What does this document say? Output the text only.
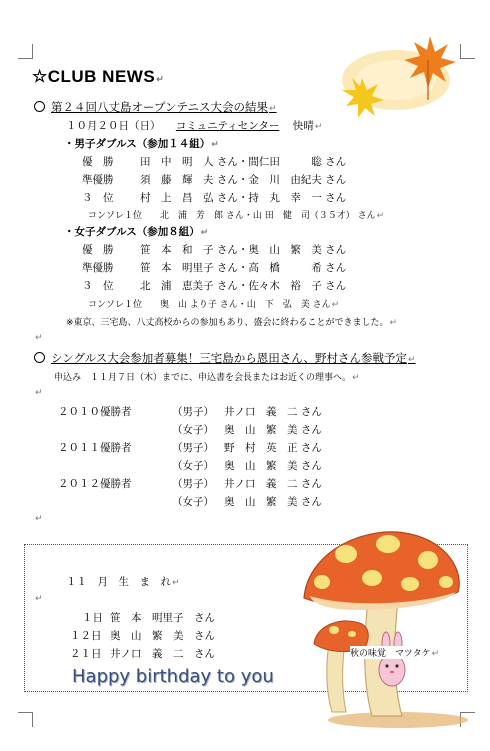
☆CLUB NEWS↵
第２４回八丈島オープンテニス大会の結果↵
１０月２０日（日） コミュニティセンター 快晴↵
・男子ダブルス（参加１４組）↵
優　勝	田　中　明　人 さん・間仁田　　　聡 さん
準優勝	須　藤　輝　夫 さん・金　川　由紀夫 さん
３　位	村　上　昌　弘 さん・持　丸　幸　一 さん
コンソレ１位　　北　浦　芳　郎 さん・山 田　健　司（３５才） さん↵
・女子ダブルス（参加８組）↵
優　勝	笹　本　和　子 さん・奥　山　繁　美 さん
準優勝	笹　本　明里子 さん・高　橋　　　希 さん
３　位	北　浦　恵美子 さん・佐々木　裕　子 さん
コンソレ１位　　奥　山 より子 さん・山　下　弘　美 さん↵
※東京、三宅島、八丈高校からの参加もあり、盛会に終わることができました。↵
↵
シングルス大会参加者募集！三宅島から恩田さん、野村さん参戦予定↵
申込み　１１月７日（木）までに、申込書を会長またはお近くの理事へ。↵
↵
２０１０優勝者	（男子） 井ノ口　義　二 さん
（女子） 奥　山　繁　美 さん
２０１１優勝者	（男子） 野　村　英　正 さん
（女子） 奥　山　繁　美 さん
２０１２優勝者	（男子） 井ノ口　義　二 さん
（女子） 奥　山　繁　美 さん
↵
１１　月　生　ま　れ↵
↵
１日 笹　本　明里子　さん
１２日 奥　山　繁　美　さん
２１日 井ノ口　義　二　さん
Happy birthday to you
秋の味覚　マツタケ↵
